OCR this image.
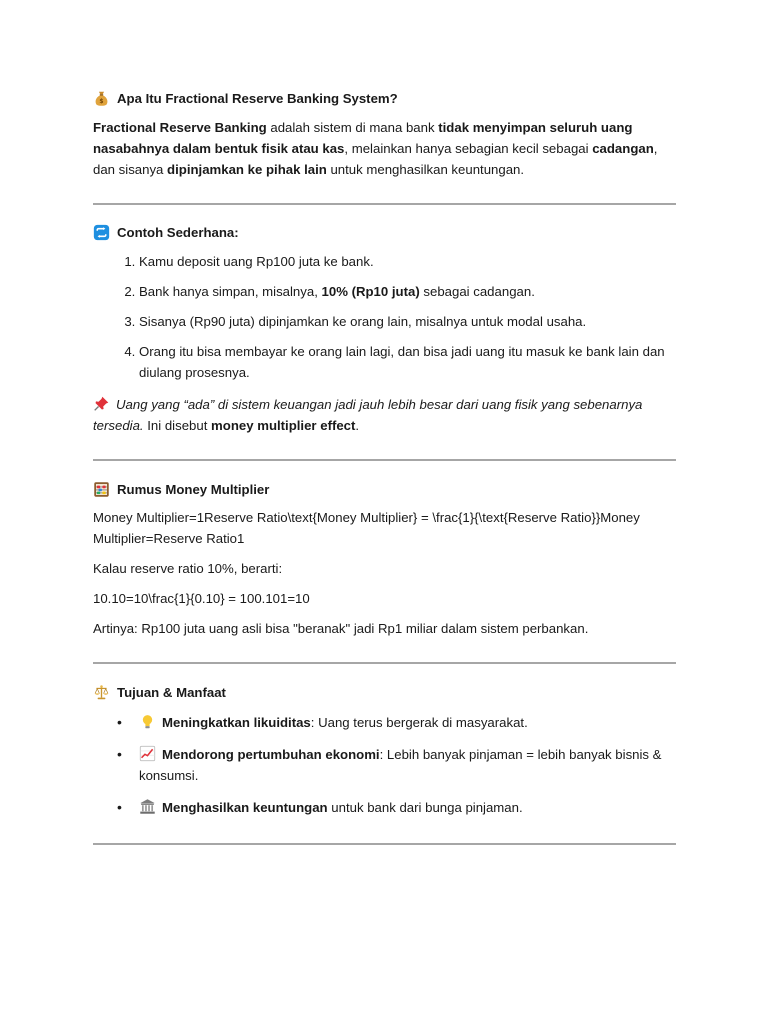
$ Apa Itu Fractional Reserve Banking System?

Fractional Reserve Banking adalah sistem di mana bank tidak menyimpan seluruh uang nasabahnya dalam bentuk fisik atau kas, melainkan hanya sebagian kecil sebagai cadangan, dan sisanya dipinjamkan ke pihak lain untuk menghasilkan keuntungan.

Contoh Sederhana:
1. Kamu deposit uang Rp100 juta ke bank.
2. Bank hanya simpan, misalnya, 10% (Rp10 juta) sebagai cadangan.
3. Sisanya (Rp90 juta) dipinjamkan ke orang lain, misalnya untuk modal usaha.
4. Orang itu bisa membayar ke orang lain lagi, dan bisa jadi uang itu masuk ke bank lain dan diulang prosesnya.

Uang yang “ada” di sistem keuangan jadi jauh lebih besar dari uang fisik yang sebenarnya tersedia. Ini disebut money multiplier effect.

Rumus Money Multiplier

Money Multiplier=1Reserve Ratio\text{Money Multiplier} = \frac{1}{\text{Reserve Ratio}}Money Multiplier=Reserve Ratio1

Kalau reserve ratio 10%, berarti:

10.10=10\frac{1}{0.10} = 100.101=10

Artinya: Rp100 juta uang asli bisa "beranak" jadi Rp1 miliar dalam sistem perbankan.

Tujuan & Manfaat
• Meningkatkan likuiditas: Uang terus bergerak di masyarakat.
• Mendorong pertumbuhan ekonomi: Lebih banyak pinjaman = lebih banyak bisnis & konsumsi.
• Menghasilkan keuntungan untuk bank dari bunga pinjaman.
